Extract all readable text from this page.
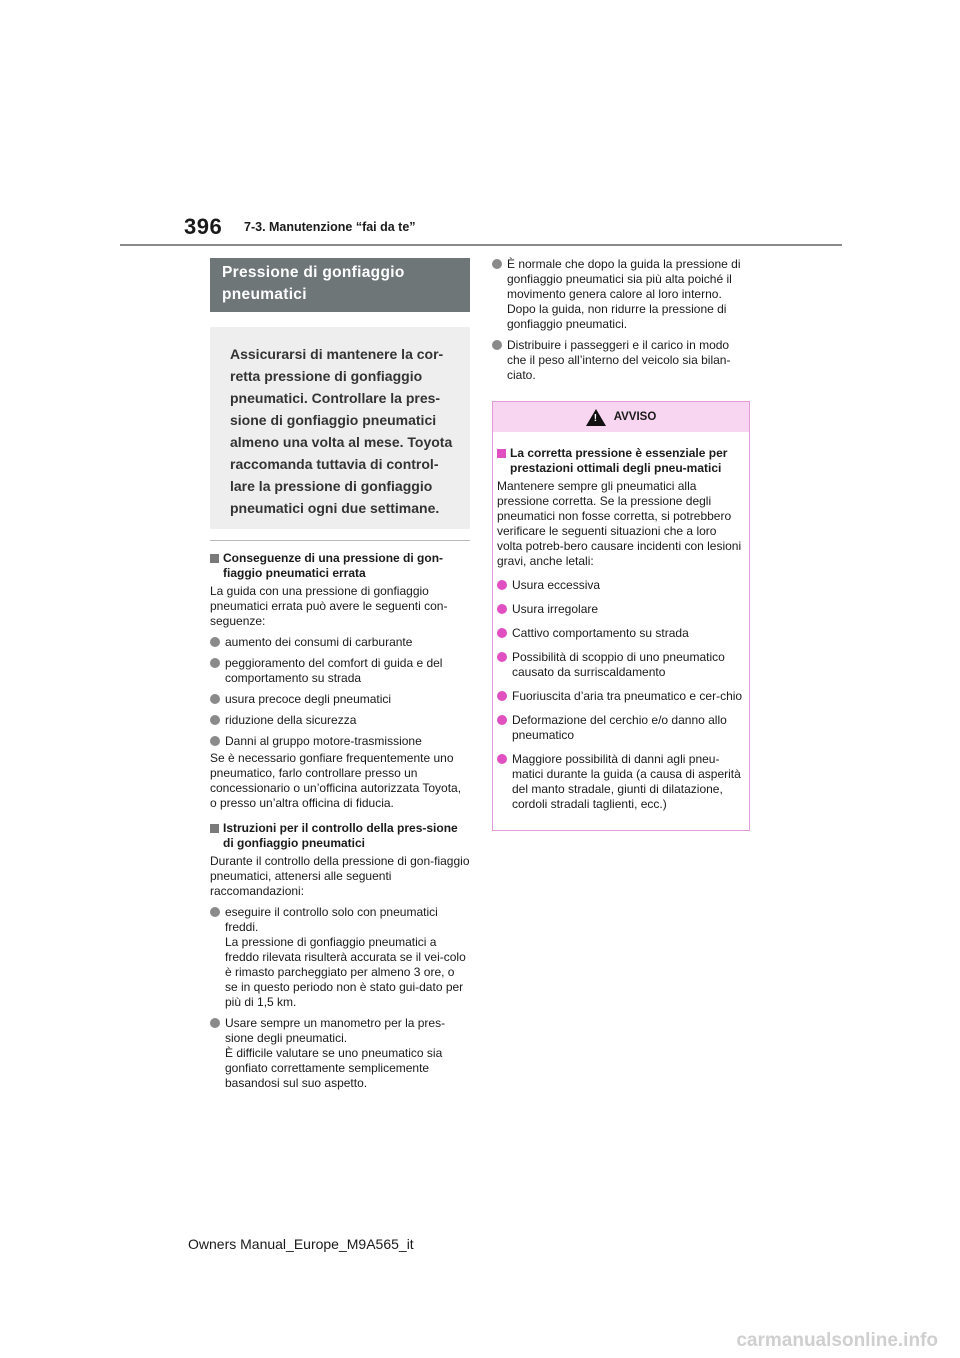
396 7-3. Manutenzione “fai da te”
Pressione di gonfiaggio
pneumatici
Assicurarsi di mantenere la cor-
retta pressione di gonfiaggio
pneumatici. Controllare la pres-
sione di gonfiaggio pneumatici
almeno una volta al mese. Toyota
raccomanda tuttavia di control-
lare la pressione di gonfiaggio
pneumatici ogni due settimane.
Conseguenze di una pressione di gon-fiaggio pneumatici errata
La guida con una pressione di gonfiaggio pneumatici errata può avere le seguenti con-seguenze:
aumento dei consumi di carburante
peggioramento del comfort di guida e del comportamento su strada
usura precoce degli pneumatici
riduzione della sicurezza
Danni al gruppo motore-trasmissione
Se è necessario gonfiare frequentemente uno pneumatico, farlo controllare presso un concessionario o un’officina autorizzata Toyota, o presso un’altra officina di fiducia.
Istruzioni per il controllo della pres-sione di gonfiaggio pneumatici
Durante il controllo della pressione di gon-fiaggio pneumatici, attenersi alle seguenti raccomandazioni:
eseguire il controllo solo con pneumatici freddi.
La pressione di gonfiaggio pneumatici a freddo rilevata risulterà accurata se il vei-colo è rimasto parcheggiato per almeno 3 ore, o se in questo periodo non è stato gui-dato per più di 1,5 km.
Usare sempre un manometro per la pres-sione degli pneumatici.
È difficile valutare se uno pneumatico sia gonfiato correttamente semplicemente basandosi sul suo aspetto.
È normale che dopo la guida la pressione di gonfiaggio pneumatici sia più alta poiché il movimento genera calore al loro interno. Dopo la guida, non ridurre la pressione di gonfiaggio pneumatici.
Distribuire i passeggeri e il carico in modo che il peso all’interno del veicolo sia bilan-ciato.
! AVVISO
La corretta pressione è essenziale per prestazioni ottimali degli pneu-matici
Mantenere sempre gli pneumatici alla pressione corretta. Se la pressione degli pneumatici non fosse corretta, si potrebbero verificare le seguenti situazioni che a loro volta potreb-bero causare incidenti con lesioni gravi, anche letali:
Usura eccessiva
Usura irregolare
Cattivo comportamento su strada
Possibilità di scoppio di uno pneumatico causato da surriscaldamento
Fuoriuscita d’aria tra pneumatico e cer-chio
Deformazione del cerchio e/o danno allo pneumatico
Maggiore possibilità di danni agli pneu-matici durante la guida (a causa di asperità del manto stradale, giunti di dilatazione, cordoli stradali taglienti, ecc.)
Owners Manual_Europe_M9A565_it
carmanualsonline.info
